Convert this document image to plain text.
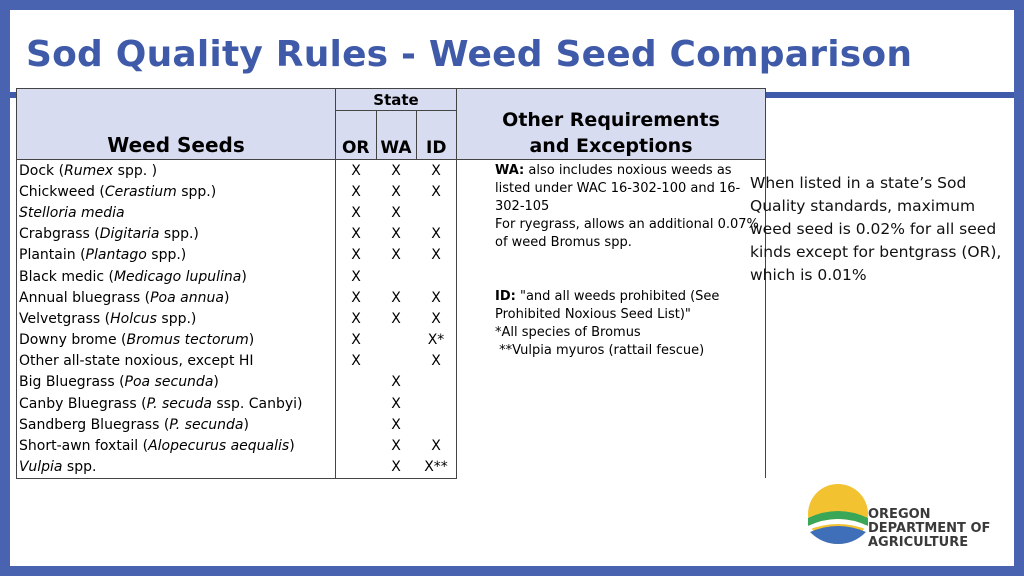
Sod Quality Rules - Weed Seed Comparison
Weed Seeds	State			Other Requirements
and Exceptions
	OR	WA	ID	
Dock (Rumex spp. )	X	X	X	WA: also includes noxious weeds as listed under WAC 16-302-100 and 16-302-105
For ryegrass, allows an additional 0.07% of weed Bromus spp.
ID: "and all weeds prohibited (See Prohibited Noxious Seed List)"
*All species of Bromus
**Vulpia myuros (rattail fescue)

Chickweed (Cerastium spp.)	X	X	X	
Stelloria media	X	X		
Crabgrass (Digitaria spp.)	X	X	X	
Plantain (Plantago spp.)	X	X	X	
Black medic (Medicago lupulina)	X			
Annual bluegrass (Poa annua)	X	X	X	
Velvetgrass (Holcus spp.)	X	X	X	
Downy brome (Bromus tectorum)	X		X*	
Other all-state noxious, except HI	X		X	
Big Bluegrass (Poa secunda)		X		
Canby Bluegrass (P. secuda ssp. Canbyi)		X		
Sandberg Bluegrass (P. secunda)		X		
Short-awn foxtail (Alopecurus aequalis)		X	X	
Vulpia spp.		X	X**	
When listed in a state’s Sod Quality standards, maximum weed seed is 0.02% for all seed kinds except for bentgrass (OR), which is 0.01%
OREGON
DEPARTMENT OF
AGRICULTURE
